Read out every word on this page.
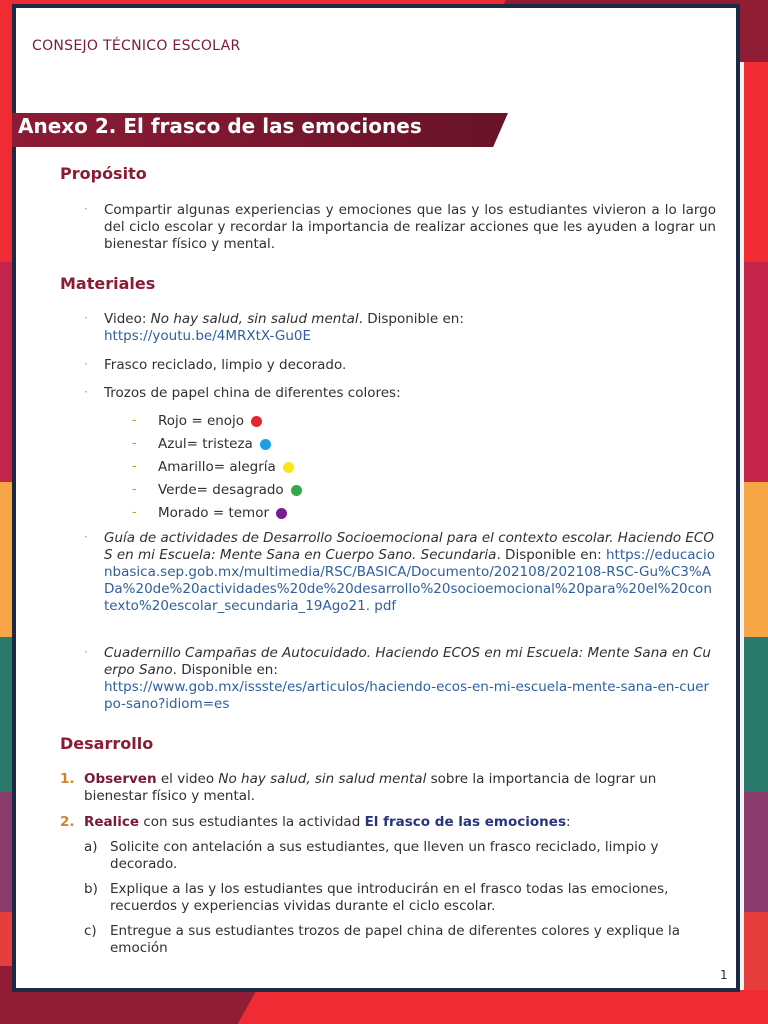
CONSEJO TÉCNICO ESCOLAR
Anexo 2. El frasco de las emociones
Propósito
· Compartir algunas experiencias y emociones que las y los estudiantes vivieron a lo largo del ciclo escolar y recordar la importancia de realizar acciones que les ayuden a lograr un bienestar físico y mental.
Materiales
· Video: No hay salud, sin salud mental. Disponible en:
https://youtu.be/4MRXtX-Gu0E
· Frasco reciclado, limpio y decorado.
· Trozos de papel china de diferentes colores:
- Rojo = enojo
- Azul= tristeza
- Amarillo= alegría
- Verde= desagrado
- Morado = temor
· Guía de actividades de Desarrollo Socioemocional para el contexto escolar. Haciendo ECOS en mi Escuela: Mente Sana en Cuerpo Sano. Secundaria. Disponible en: https://educacionbasica.sep.gob.mx/multimedia/RSC/BASICA/Documento/202108/202108-RSC-Gu%C3%ADa%20de%20actividades%20de%20desarrollo%20socioemocional%20para%20el%20contexto%20escolar_secundaria_19Ago21. pdf
· Cuadernillo Campañas de Autocuidado. Haciendo ECOS en mi Escuela: Mente Sana en Cuerpo Sano. Disponible en:
https://www.gob.mx/issste/es/articulos/haciendo-ecos-en-mi-escuela-mente-sana-en-cuerpo-sano?idiom=es
Desarrollo
1. Observen el video No hay salud, sin salud mental sobre la importancia de lograr un bienestar físico y mental.
2. Realice con sus estudiantes la actividad El frasco de las emociones:
a) Solicite con antelación a sus estudiantes, que lleven un frasco reciclado, limpio y decorado.
b) Explique a las y los estudiantes que introducirán en el frasco todas las emociones, recuerdos y experiencias vividas durante el ciclo escolar.
c) Entregue a sus estudiantes trozos de papel china de diferentes colores y explique la emoción
1
